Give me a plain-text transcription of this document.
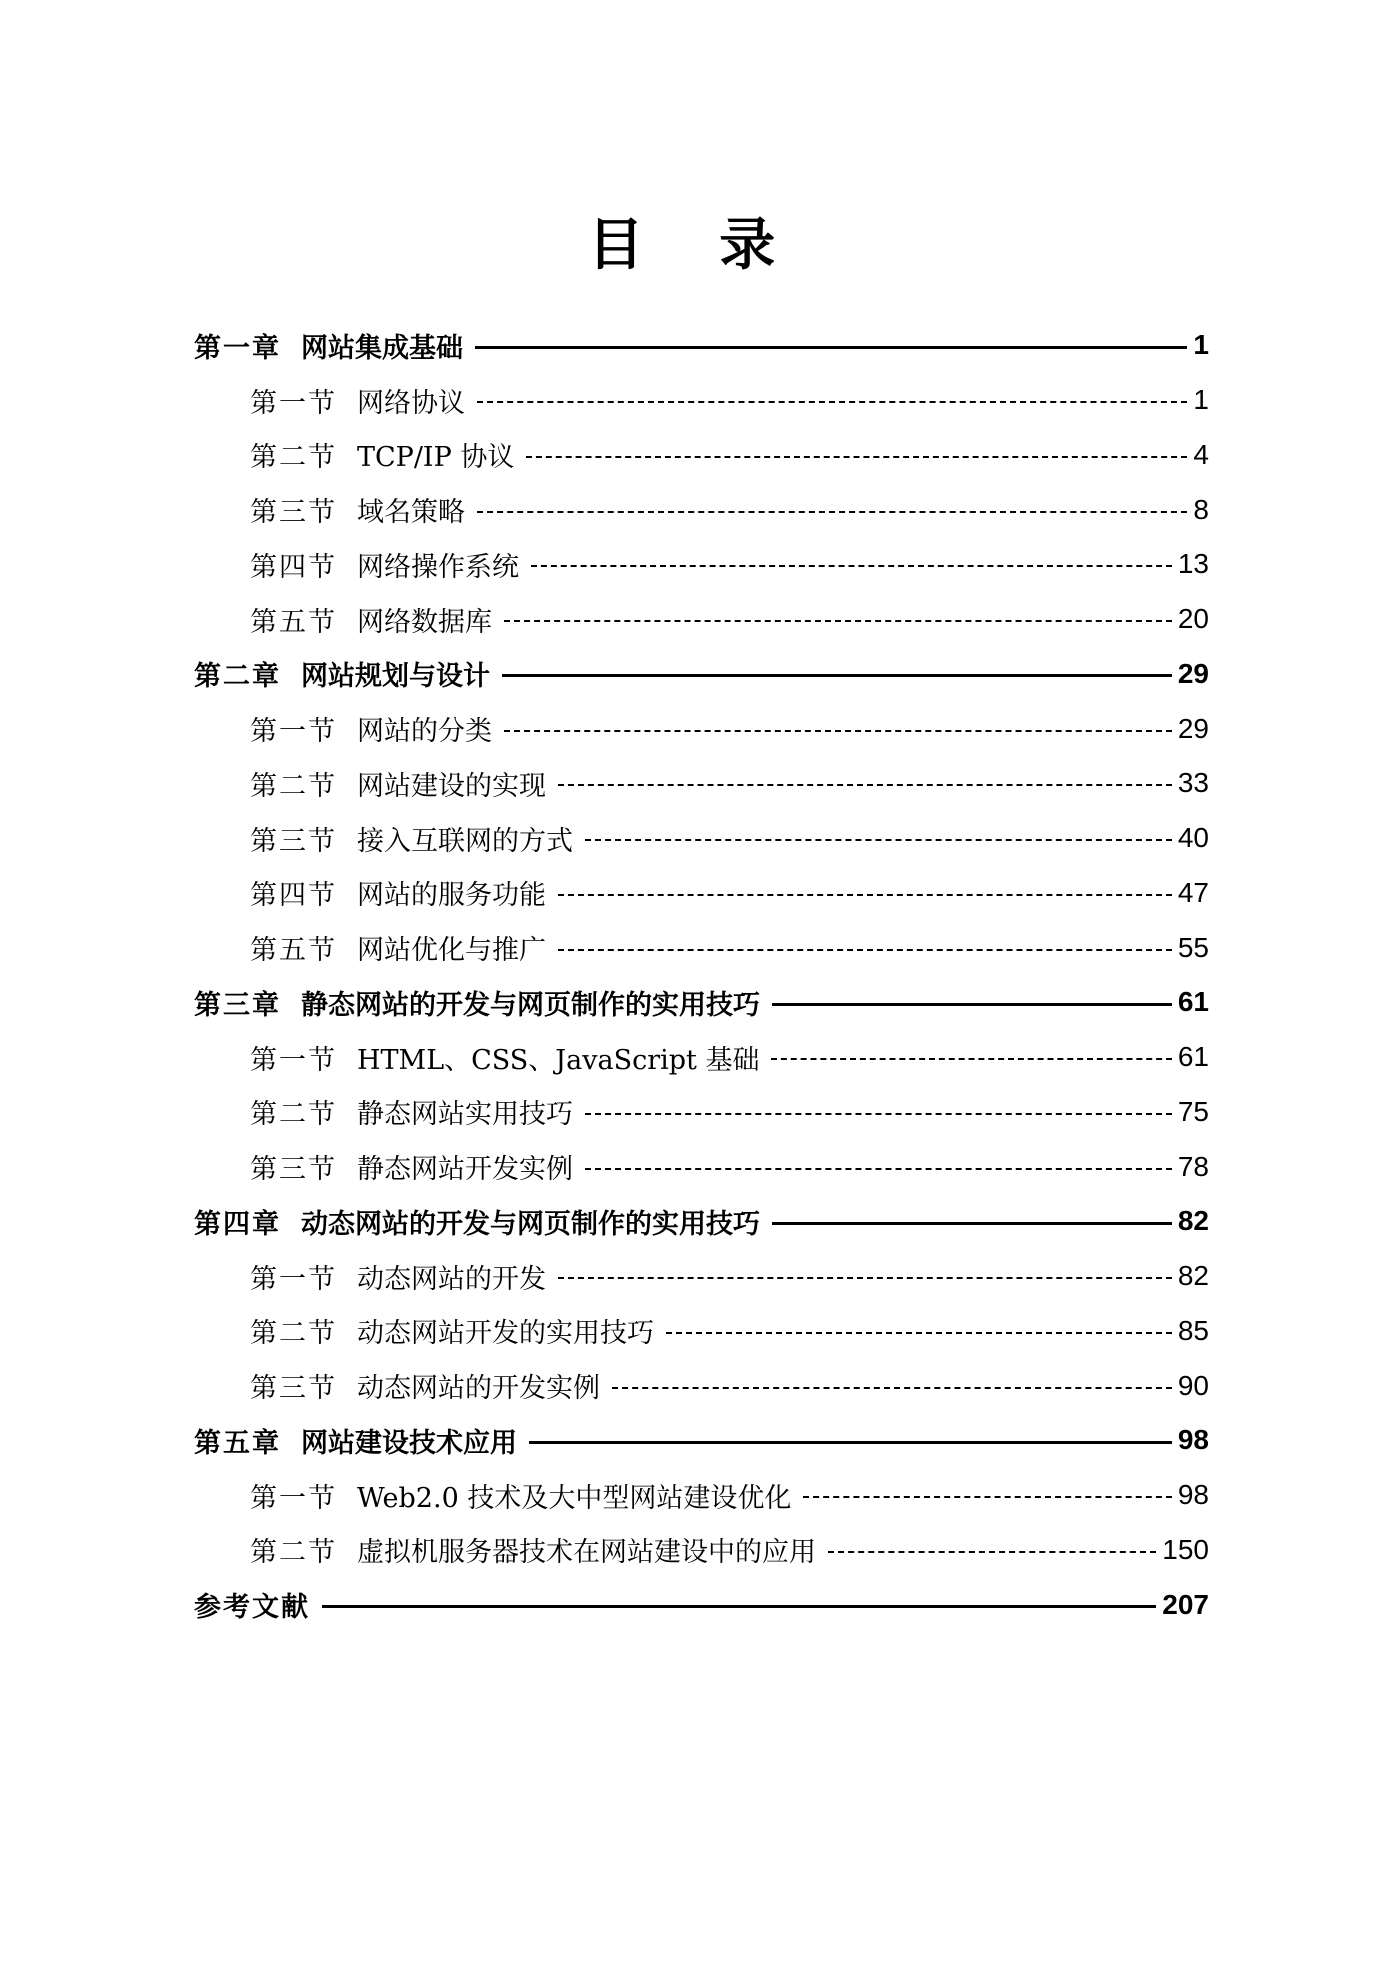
目 录
第一章 网站集成基础	1
第一节 网络协议	1
第二节 TCP/IP 协议	4
第三节 域名策略	8
第四节 网络操作系统	13
第五节 网络数据库	20
第二章 网站规划与设计	29
第一节 网站的分类	29
第二节 网站建设的实现	33
第三节 接入互联网的方式	40
第四节 网站的服务功能	47
第五节 网站优化与推广	55
第三章 静态网站的开发与网页制作的实用技巧	61
第一节 HTML、CSS、JavaScript 基础	61
第二节 静态网站实用技巧	75
第三节 静态网站开发实例	78
第四章 动态网站的开发与网页制作的实用技巧	82
第一节 动态网站的开发	82
第二节 动态网站开发的实用技巧	85
第三节 动态网站的开发实例	90
第五章 网站建设技术应用	98
第一节 Web2.0 技术及大中型网站建设优化	98
第二节 虚拟机服务器技术在网站建设中的应用	150
参考文献	207
